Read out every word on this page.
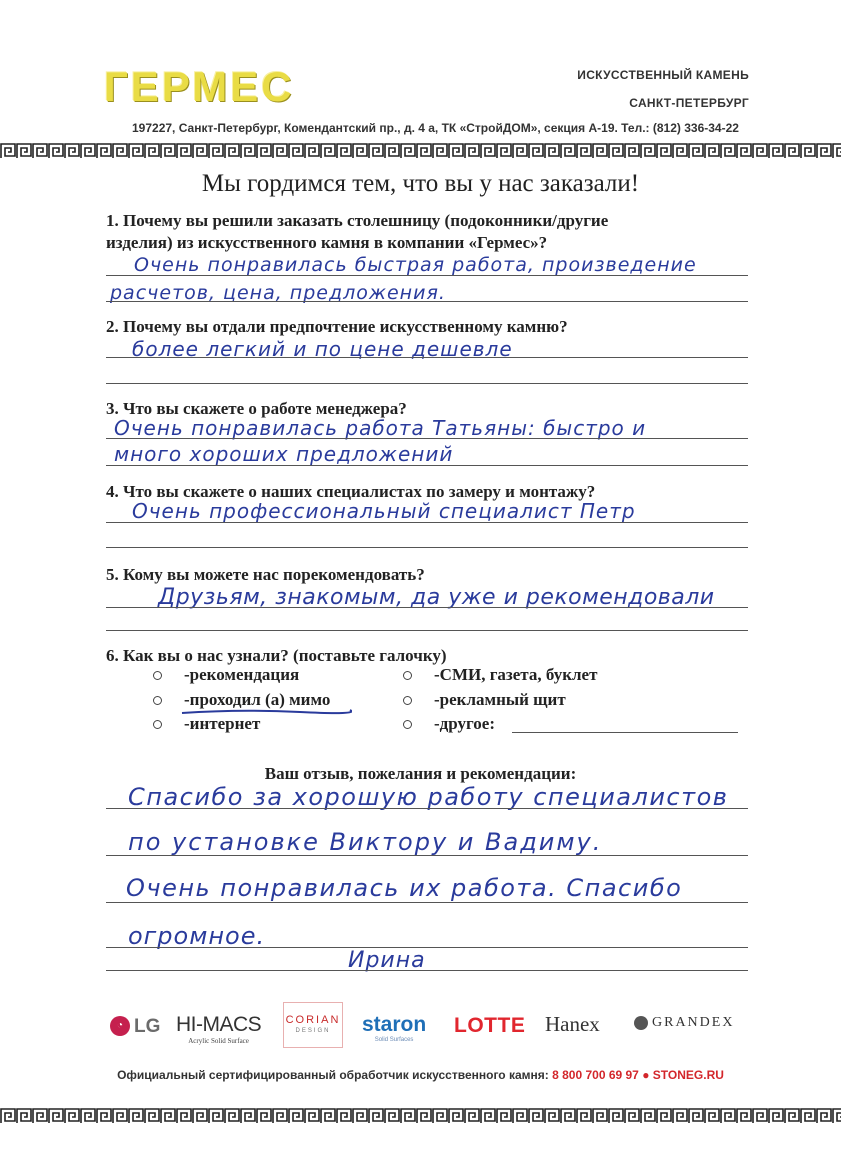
ГЕРМЕС	ИСКУССТВЕННЫЙ КАМЕНЬ
САНКТ-ПЕТЕРБУРГ
197227, Санкт-Петербург, Комендантский пр., д. 4 а, ТК «СтройДОМ», секция А-19. Тел.: (812) 336-34-22
Мы гордимся тем, что вы у нас заказали!
1. Почему вы решили заказать столешницу (подоконники/другие
изделия) из искусственного камня в компании «Гермес»?
Очень понравилась быстрая работа, произведение
расчетов, цена, предложения.
2. Почему вы отдали предпочтение искусственному камню?
более легкий и по цене дешевле
3. Что вы скажете о работе менеджера?
Очень понравилась работа Татьяны: быстро и
много хороших предложений
4. Что вы скажете о наших специалистах по замеру и монтажу?
Очень профессиональный специалист Петр
5. Кому вы можете нас порекомендовать?
Друзьям, знакомым, да уже и рекомендовали
6. Как вы о нас узнали? (поставьте галочку)
-рекомендация
-проходил (а) мимо
-интернет
-СМИ, газета, буклет
-рекламный щит
-другое:
Ваш отзыв, пожелания и рекомендации:
Спасибо за хорошую работу специалистов
по установке Виктору и Вадиму.
Очень понравилась их работа. Спасибо
огромное.
Ирина
◔ LG HI-MACS
Acrylic Solid Surface
CORIAN
DESIGN	staron
Solid Surfaces
LOTTE Hanex	GRANDEX
Официальный сертифицированный обработчик искусственного камня: 8 800 700 69 97 ● STONEG.RU
